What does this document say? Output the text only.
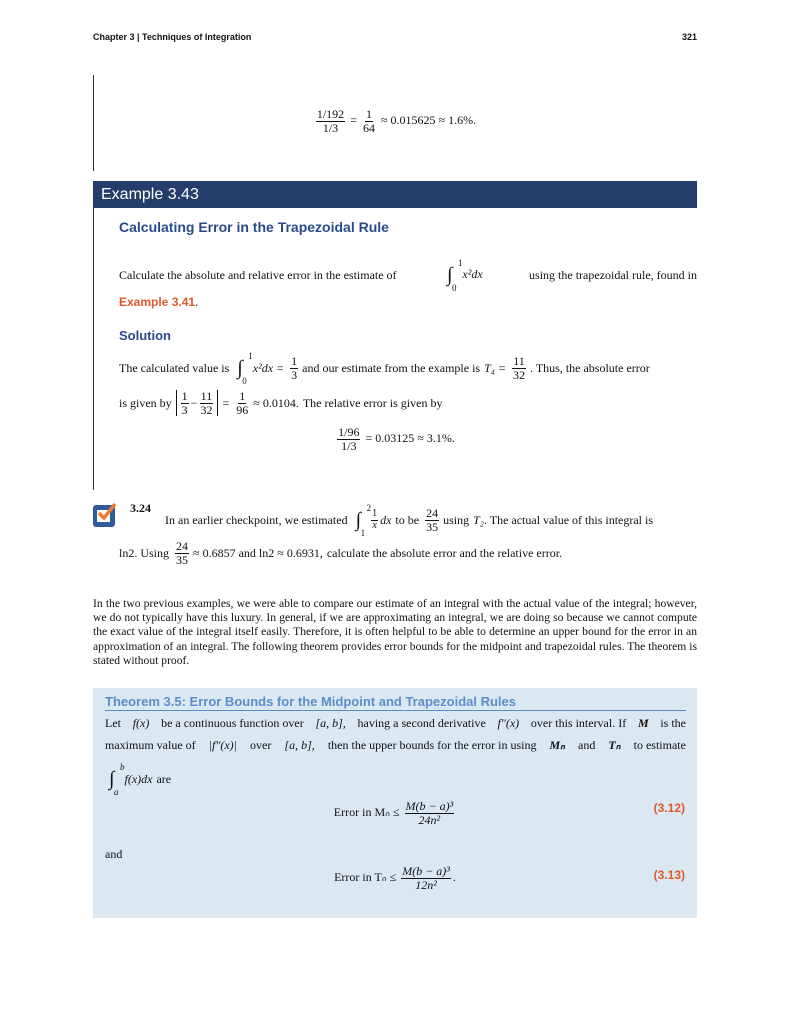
Chapter 3 | Techniques of Integration	321
$\frac{1/192}{1/3} = \frac{1}{64} \approx 0.015625 \approx 1.6\%$.
Example 3.43
Calculating Error in the Trapezoidal Rule
Calculate the absolute and relative error in the estimate of	∫
1
0
x²dx	using the trapezoidal rule, found in
Example 3.41.
Solution
The calculated value is ∫
1
0
$x^2dx = \frac{1}{3}$ and our estimate from the example is $T_4 = \frac{11}{32}$ . Thus, the absolute error
is given by $\frac{1}{3} - \frac{11}{32} = \frac{1}{96} \approx 0.0104$. The relative error is given by
$\frac{1/96}{1/3} = 0.03125 \approx 3.1\%$.
3.24
In an earlier checkpoint, we estimated ∫
2
1
$\frac{1}{x}$ dx to be $\frac{24}{35}$ using T₂. The actual value of this integral is
ln2. Using $\frac{24}{35} \approx 0.6857$ and ln2 ≈ 0.6931, calculate the absolute error and the relative error.
In the two previous examples, we were able to compare our estimate of an integral with the actual value of the integral; however, we do not typically have this luxury. In general, if we are approximating an integral, we are doing so because we cannot compute the exact value of the integral itself easily. Therefore, it is often helpful to be able to determine an upper bound for the error in an approximation of an integral. The following theorem provides error bounds for the midpoint and trapezoidal rules. The theorem is stated without proof.
Theorem 3.5: Error Bounds for the Midpoint and Trapezoidal Rules
Let f(x) be a continuous function over [a, b], having a second derivative f″(x) over this interval. If M is the
maximum value of |f″(x)| over [a, b], then the upper bounds for the error in using Mₙ and Tₙ to estimate
∫
b
a
f(x)dx are
Error in $M_n \le \frac{\text{M(b − a)³}}{\text{24n²}}$	(3.12)
and
Error in $T_n \le \frac{\text{M(b − a)³}}{\text{12n²}}$ .	(3.13)
